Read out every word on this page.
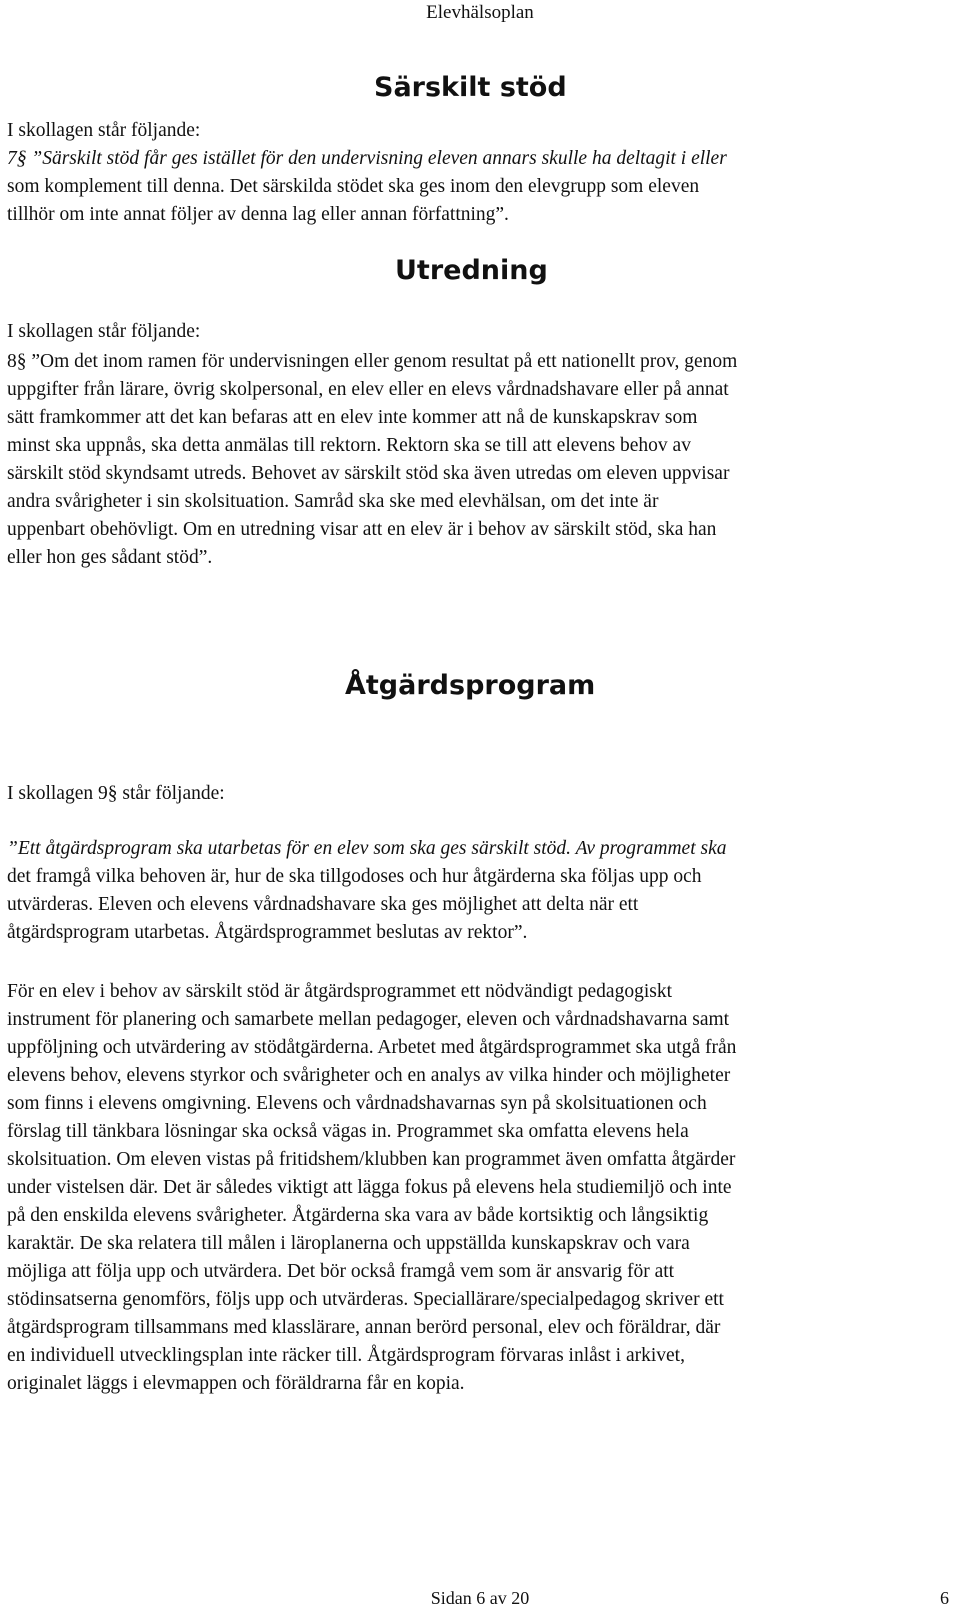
Elevhälsoplan
Särskilt stöd
I skollagen står följande:
7§ ”Särskilt stöd får ges istället för den undervisning eleven annars skulle ha deltagit i eller
som komplement till denna. Det särskilda stödet ska ges inom den elevgrupp som eleven
tillhör om inte annat följer av denna lag eller annan författning”.
Utredning
I skollagen står följande:
8§ ”Om det inom ramen för undervisningen eller genom resultat på ett nationellt prov, genom
uppgifter från lärare, övrig skolpersonal, en elev eller en elevs vårdnadshavare eller på annat
sätt framkommer att det kan befaras att en elev inte kommer att nå de kunskapskrav som
minst ska uppnås, ska detta anmälas till rektorn. Rektorn ska se till att elevens behov av
särskilt stöd skyndsamt utreds. Behovet av särskilt stöd ska även utredas om eleven uppvisar
andra svårigheter i sin skolsituation. Samråd ska ske med elevhälsan, om det inte är
uppenbart obehövligt. Om en utredning visar att en elev är i behov av särskilt stöd, ska han
eller hon ges sådant stöd”.
Åtgärdsprogram
I skollagen 9§ står följande:
”Ett åtgärdsprogram ska utarbetas för en elev som ska ges särskilt stöd. Av programmet ska
det framgå vilka behoven är, hur de ska tillgodoses och hur åtgärderna ska följas upp och
utvärderas. Eleven och elevens vårdnadshavare ska ges möjlighet att delta när ett
åtgärdsprogram utarbetas. Åtgärdsprogrammet beslutas av rektor”.
För en elev i behov av särskilt stöd är åtgärdsprogrammet ett nödvändigt pedagogiskt
instrument för planering och samarbete mellan pedagoger, eleven och vårdnadshavarna samt
uppföljning och utvärdering av stödåtgärderna. Arbetet med åtgärdsprogrammet ska utgå från
elevens behov, elevens styrkor och svårigheter och en analys av vilka hinder och möjligheter
som finns i elevens omgivning. Elevens och vårdnadshavarnas syn på skolsituationen och
förslag till tänkbara lösningar ska också vägas in. Programmet ska omfatta elevens hela
skolsituation. Om eleven vistas på fritidshem/klubben kan programmet även omfatta åtgärder
under vistelsen där. Det är således viktigt att lägga fokus på elevens hela studiemiljö och inte
på den enskilda elevens svårigheter. Åtgärderna ska vara av både kortsiktig och långsiktig
karaktär. De ska relatera till målen i läroplanerna och uppställda kunskapskrav och vara
möjliga att följa upp och utvärdera. Det bör också framgå vem som är ansvarig för att
stödinsatserna genomförs, följs upp och utvärderas. Speciallärare/specialpedagog skriver ett
åtgärdsprogram tillsammans med klasslärare, annan berörd personal, elev och föräldrar, där
en individuell utvecklingsplan inte räcker till. Åtgärdsprogram förvaras inlåst i arkivet,
originalet läggs i elevmappen och föräldrarna får en kopia.
Sidan 6 av 20	6
